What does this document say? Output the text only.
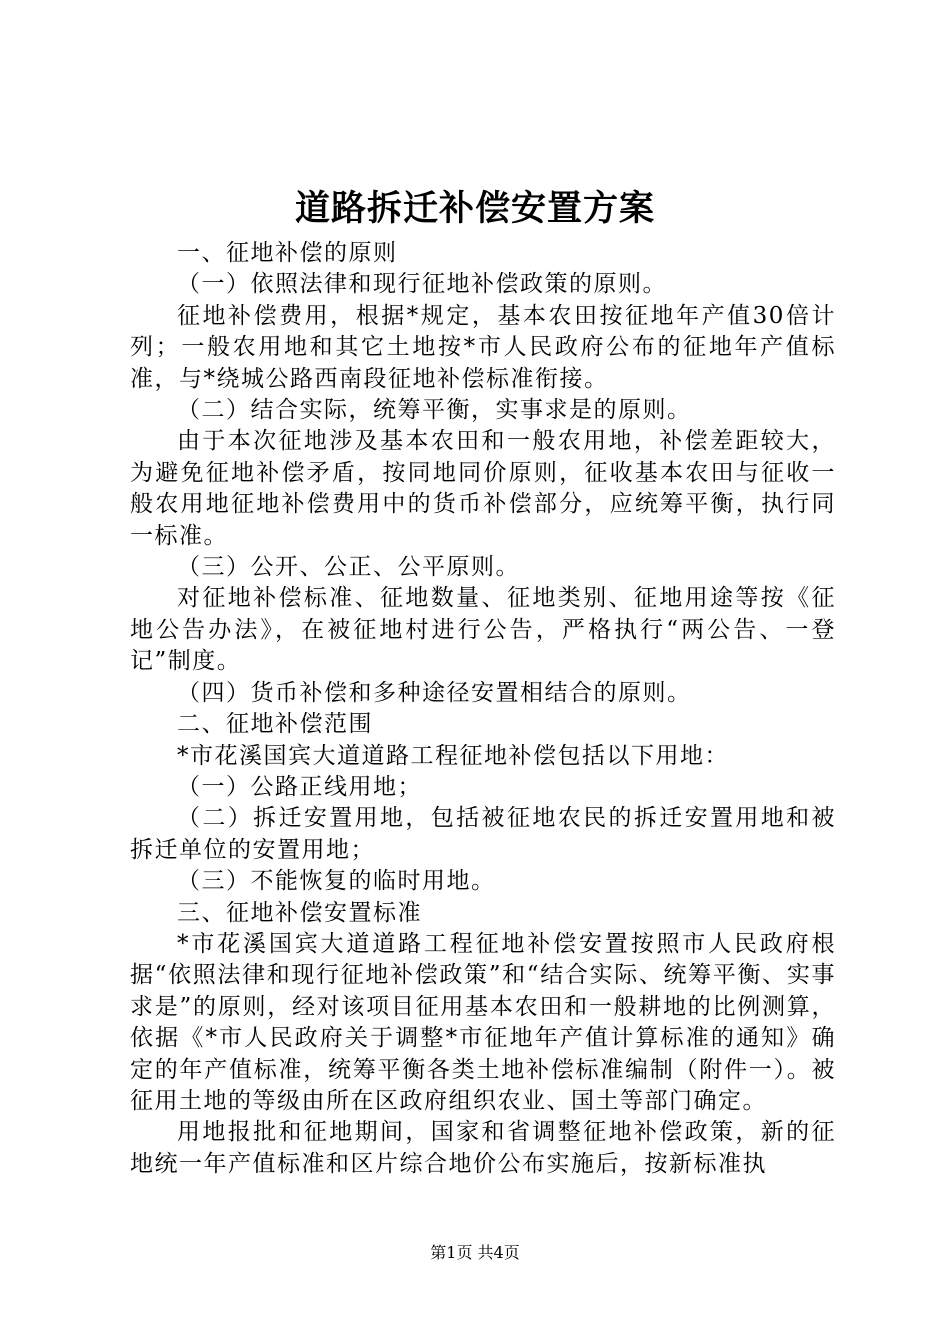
道路拆迁补偿安置方案

一、征地补偿的原则

（一）依照法律和现行征地补偿政策的原则。

征地补偿费用，根据*规定，基本农田按征地年产值30倍计列；一般农用地和其它土地按*市人民政府公布的征地年产值标准，与*绕城公路西南段征地补偿标准衔接。

（二）结合实际，统筹平衡，实事求是的原则。

由于本次征地涉及基本农田和一般农用地，补偿差距较大，为避免征地补偿矛盾，按同地同价原则，征收基本农田与征收一般农用地征地补偿费用中的货币补偿部分，应统筹平衡，执行同一标准。

（三）公开、公正、公平原则。

对征地补偿标准、征地数量、征地类别、征地用途等按《征地公告办法》，在被征地村进行公告，严格执行“两公告、一登记”制度。

（四）货币补偿和多种途径安置相结合的原则。

二、征地补偿范围

*市花溪国宾大道道路工程征地补偿包括以下用地：

（一）公路正线用地；

（二）拆迁安置用地，包括被征地农民的拆迁安置用地和被拆迁单位的安置用地；

（三）不能恢复的临时用地。

三、征地补偿安置标准

*市花溪国宾大道道路工程征地补偿安置按照市人民政府根据“依照法律和现行征地补偿政策”和“结合实际、统筹平衡、实事求是”的原则，经对该项目征用基本农田和一般耕地的比例测算，依据《*市人民政府关于调整*市征地年产值计算标准的通知》确定的年产值标准，统筹平衡各类土地补偿标准编制（附件一）。被征用土地的等级由所在区政府组织农业、国土等部门确定。

用地报批和征地期间，国家和省调整征地补偿政策，新的征地统一年产值标准和区片综合地价公布实施后，按新标准执

第1页 共4页
